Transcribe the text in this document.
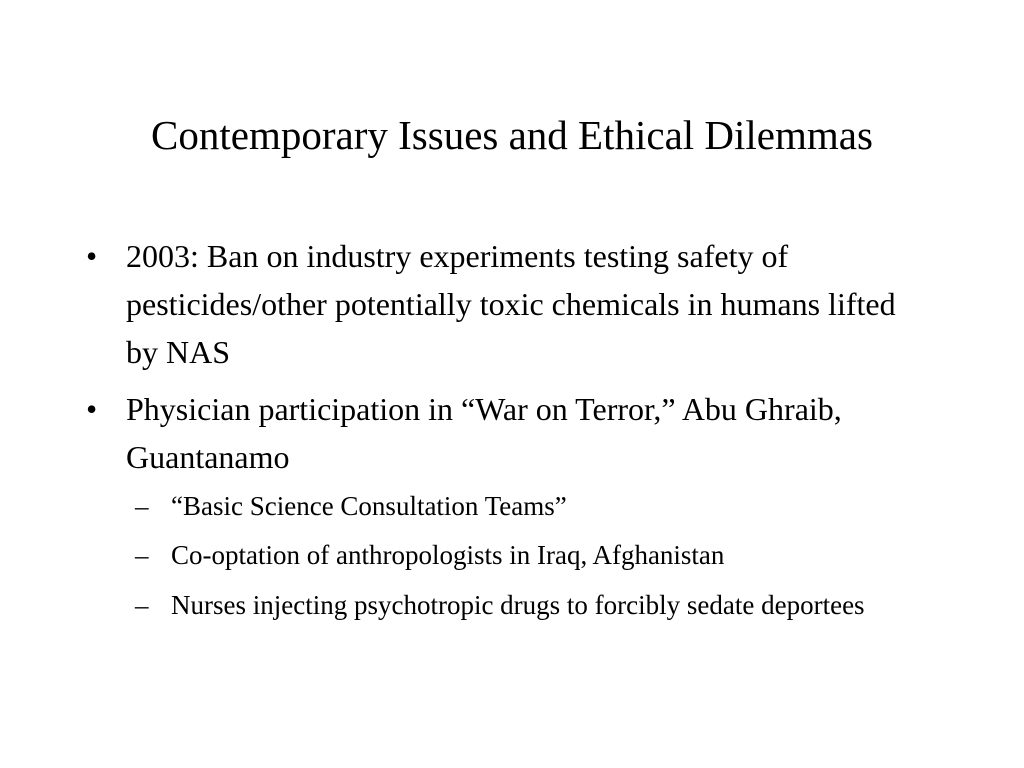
Contemporary Issues and Ethical Dilemmas
• 2003: Ban on industry experiments testing safety of pesticides/other potentially toxic chemicals in humans lifted by NAS
• Physician participation in “War on Terror,” Abu Ghraib, Guantanamo
– “Basic Science Consultation Teams”
– Co-optation of anthropologists in Iraq, Afghanistan
– Nurses injecting psychotropic drugs to forcibly sedate deportees
